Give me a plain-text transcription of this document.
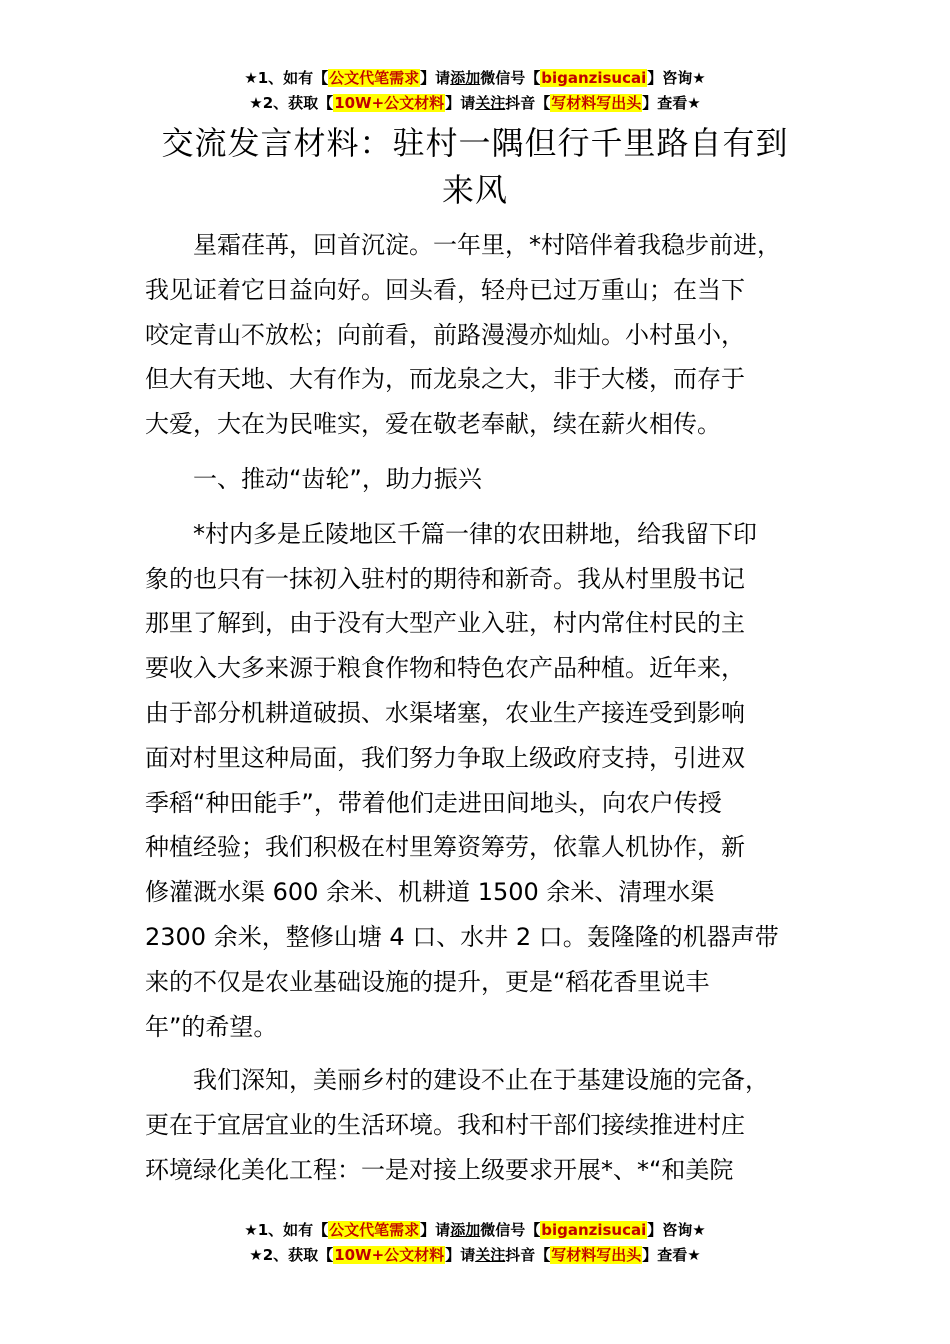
★1、如有【公文代笔需求】请添加微信号【biganzisucai】咨询★
★2、获取【10W+公文材料】请关注抖音【写材料写出头】查看★
交流发言材料：驻村一隅但行千里路自有到
来风
星霜荏苒，回首沉淀。一年里，*村陪伴着我稳步前进，
我见证着它日益向好。回头看，轻舟已过万重山；在当下
咬定青山不放松；向前看，前路漫漫亦灿灿。小村虽小，
但大有天地、大有作为，而龙泉之大，非于大楼，而存于
大爱，大在为民唯实，爱在敬老奉献，续在薪火相传。

一、推动“齿轮”，助力振兴

*村内多是丘陵地区千篇一律的农田耕地，给我留下印
象的也只有一抹初入驻村的期待和新奇。我从村里殷书记
那里了解到，由于没有大型产业入驻，村内常住村民的主
要收入大多来源于粮食作物和特色农产品种植。近年来，
由于部分机耕道破损、水渠堵塞，农业生产接连受到影响
面对村里这种局面，我们努力争取上级政府支持，引进双
季稻“种田能手”，带着他们走进田间地头，向农户传授
种植经验；我们积极在村里筹资筹劳，依靠人机协作，新
修灌溉水渠 600 余米、机耕道 1500 余米、清理水渠
2300 余米，整修山塘 4 口、水井 2 口。轰隆隆的机器声带
来的不仅是农业基础设施的提升，更是“稻花香里说丰
年”的希望。
我们深知，美丽乡村的建设不止在于基建设施的完备，
更在于宜居宜业的生活环境。我和村干部们接续推进村庄
环境绿化美化工程：一是对接上级要求开展*、*“和美院
★1、如有【公文代笔需求】请添加微信号【biganzisucai】咨询★
★2、获取【10W+公文材料】请关注抖音【写材料写出头】查看★
